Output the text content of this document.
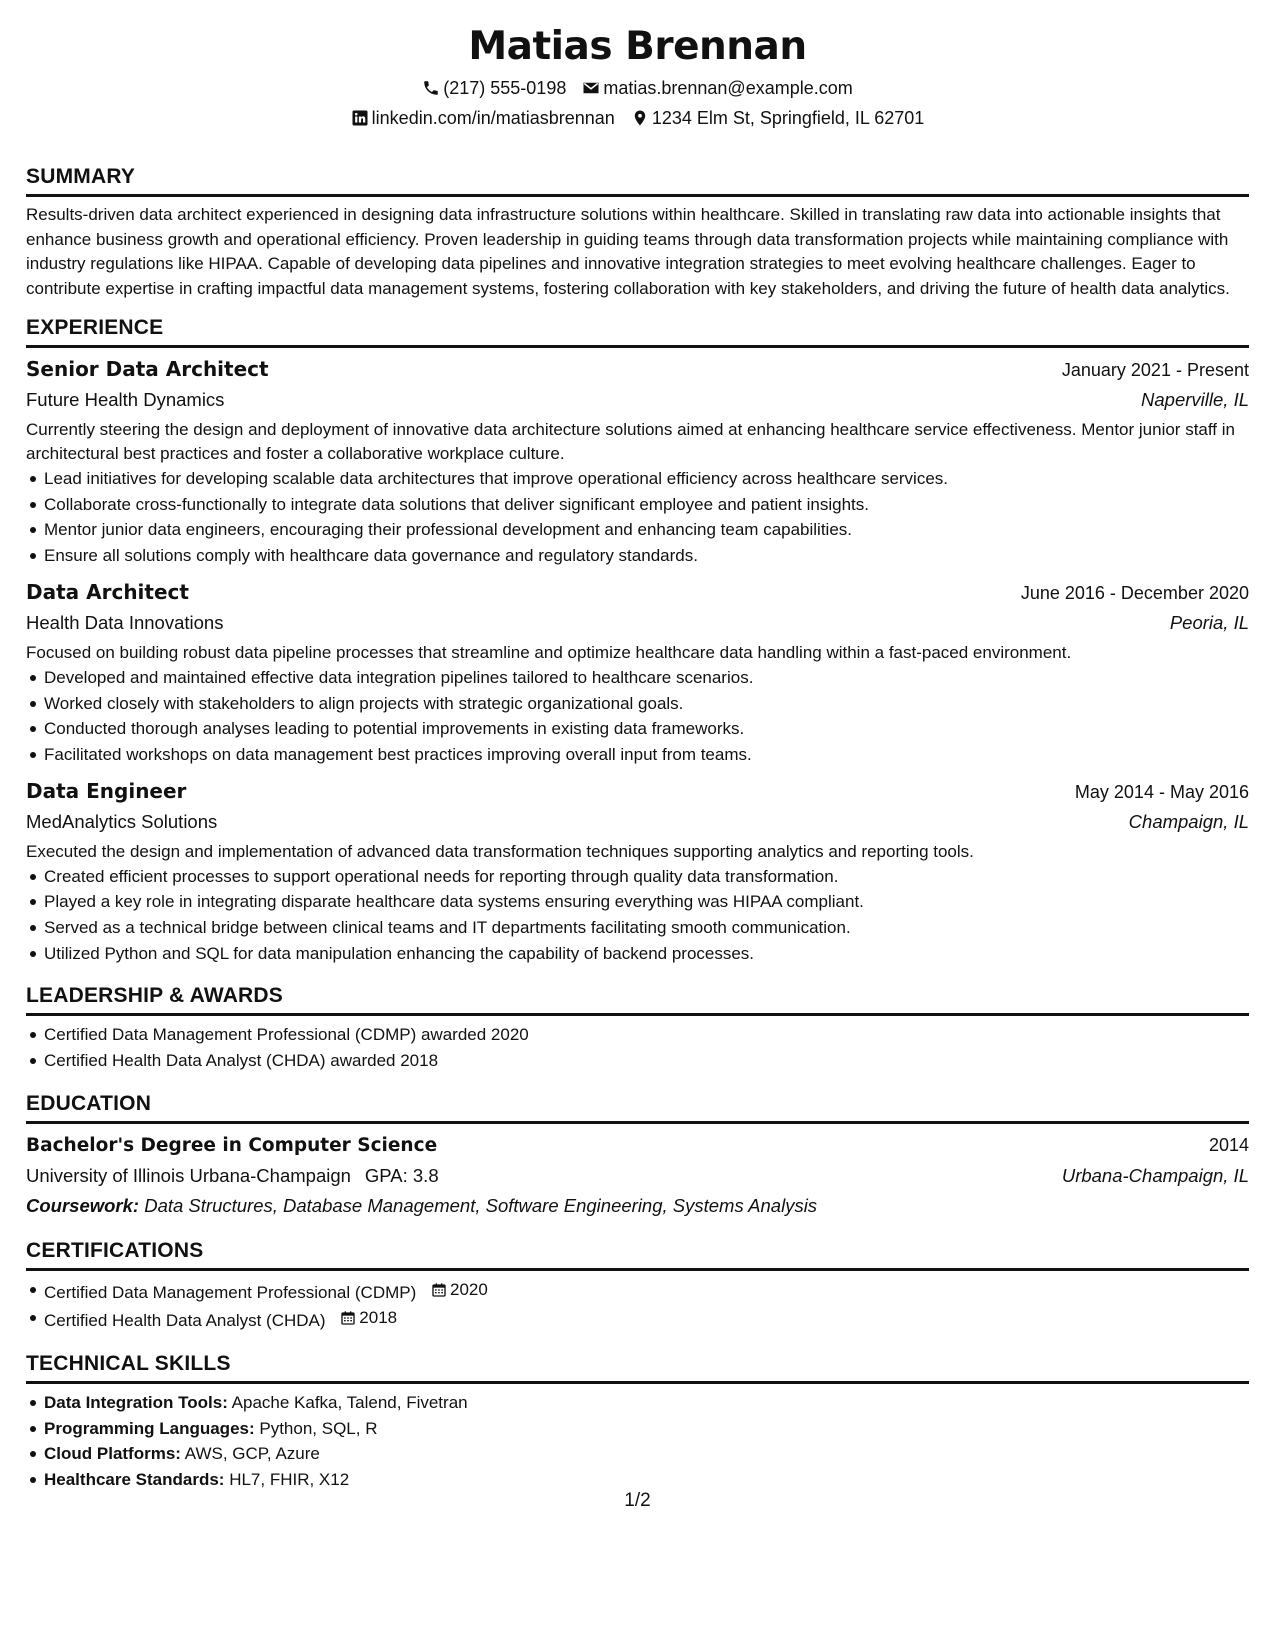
Matias Brennan
(217) 555-0198 matias.brennan@example.com
linkedin.com/in/matiasbrennan 1234 Elm St, Springfield, IL 62701
SUMMARY

Results-driven data architect experienced in designing data infrastructure solutions within healthcare. Skilled in translating raw data into actionable insights that enhance business growth and operational efficiency. Proven leadership in guiding teams through data transformation projects while maintaining compliance with industry regulations like HIPAA. Capable of developing data pipelines and innovative integration strategies to meet evolving healthcare challenges. Eager to contribute expertise in crafting impactful data management systems, fostering collaboration with key stakeholders, and driving the future of health data analytics.

EXPERIENCE
Senior Data Architect	January 2021 - Present
Future Health Dynamics	Naperville, IL
Currently steering the design and deployment of innovative data architecture solutions aimed at enhancing healthcare service effectiveness. Mentor junior staff in architectural best practices and foster a collaborative workplace culture.
Lead initiatives for developing scalable data architectures that improve operational efficiency across healthcare services.
Collaborate cross-functionally to integrate data solutions that deliver significant employee and patient insights.
Mentor junior data engineers, encouraging their professional development and enhancing team capabilities.
Ensure all solutions comply with healthcare data governance and regulatory standards.
Data Architect	June 2016 - December 2020
Health Data Innovations	Peoria, IL
Focused on building robust data pipeline processes that streamline and optimize healthcare data handling within a fast-paced environment.
Developed and maintained effective data integration pipelines tailored to healthcare scenarios.
Worked closely with stakeholders to align projects with strategic organizational goals.
Conducted thorough analyses leading to potential improvements in existing data frameworks.
Facilitated workshops on data management best practices improving overall input from teams.
Data Engineer	May 2014 - May 2016
MedAnalytics Solutions	Champaign, IL
Executed the design and implementation of advanced data transformation techniques supporting analytics and reporting tools.
Created efficient processes to support operational needs for reporting through quality data transformation.
Played a key role in integrating disparate healthcare data systems ensuring everything was HIPAA compliant.
Served as a technical bridge between clinical teams and IT departments facilitating smooth communication.
Utilized Python and SQL for data manipulation enhancing the capability of backend processes.
LEADERSHIP & AWARDS
Certified Data Management Professional (CDMP) awarded 2020
Certified Health Data Analyst (CHDA) awarded 2018
EDUCATION
Bachelor's Degree in Computer Science	2014
University of Illinois Urbana-Champaign GPA: 3.8	Urbana-Champaign, IL
Coursework: Data Structures, Database Management, Software Engineering, Systems Analysis
CERTIFICATIONS
Certified Data Management Professional (CDMP) 2020
Certified Health Data Analyst (CHDA) 2018
TECHNICAL SKILLS
Data Integration Tools: Apache Kafka, Talend, Fivetran
Programming Languages: Python, SQL, R
Cloud Platforms: AWS, GCP, Azure
Healthcare Standards: HL7, FHIR, X12
1/2
